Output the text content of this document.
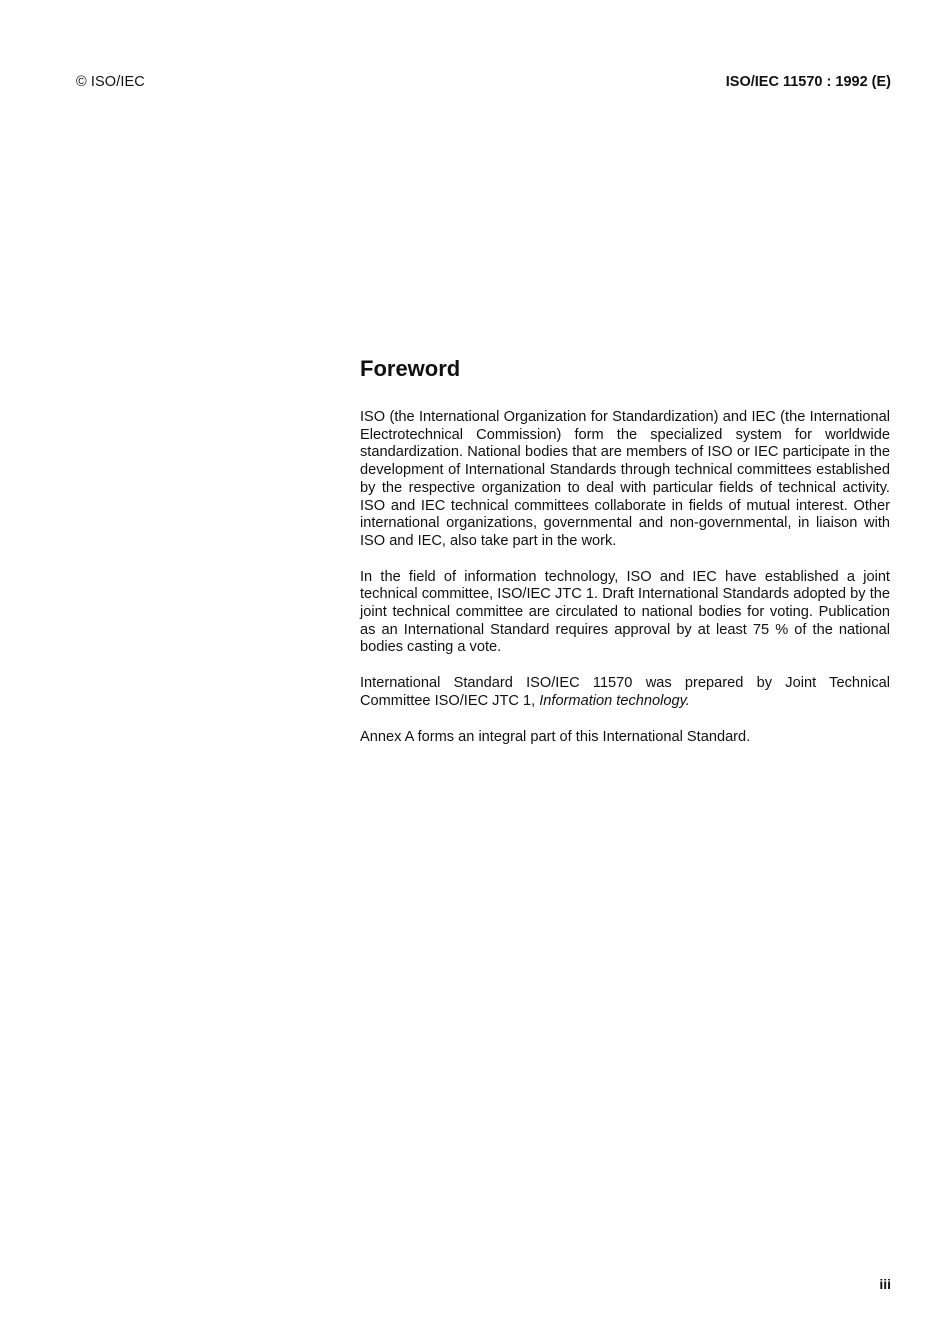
© ISO/IEC	ISO/IEC 11570 : 1992 (E)
Foreword

ISO (the International Organization for Standardization) and IEC (the International Electrotechnical Commission) form the specialized system for worldwide standardization. National bodies that are members of ISO or IEC participate in the development of International Standards through technical committees established by the respective organization to deal with particular fields of technical activity. ISO and IEC technical committees collaborate in fields of mutual interest. Other international organizations, governmental and non-governmental, in liaison with ISO and IEC, also take part in the work.

In the field of information technology, ISO and IEC have established a joint technical committee, ISO/IEC JTC 1. Draft International Standards adopted by the joint technical committee are circulated to national bodies for voting. Publication as an International Standard requires approval by at least 75 % of the national bodies casting a vote.

International Standard ISO/IEC 11570 was prepared by Joint Technical Committee ISO/IEC JTC 1, Information technology.

Annex A forms an integral part of this International Standard.

iii
